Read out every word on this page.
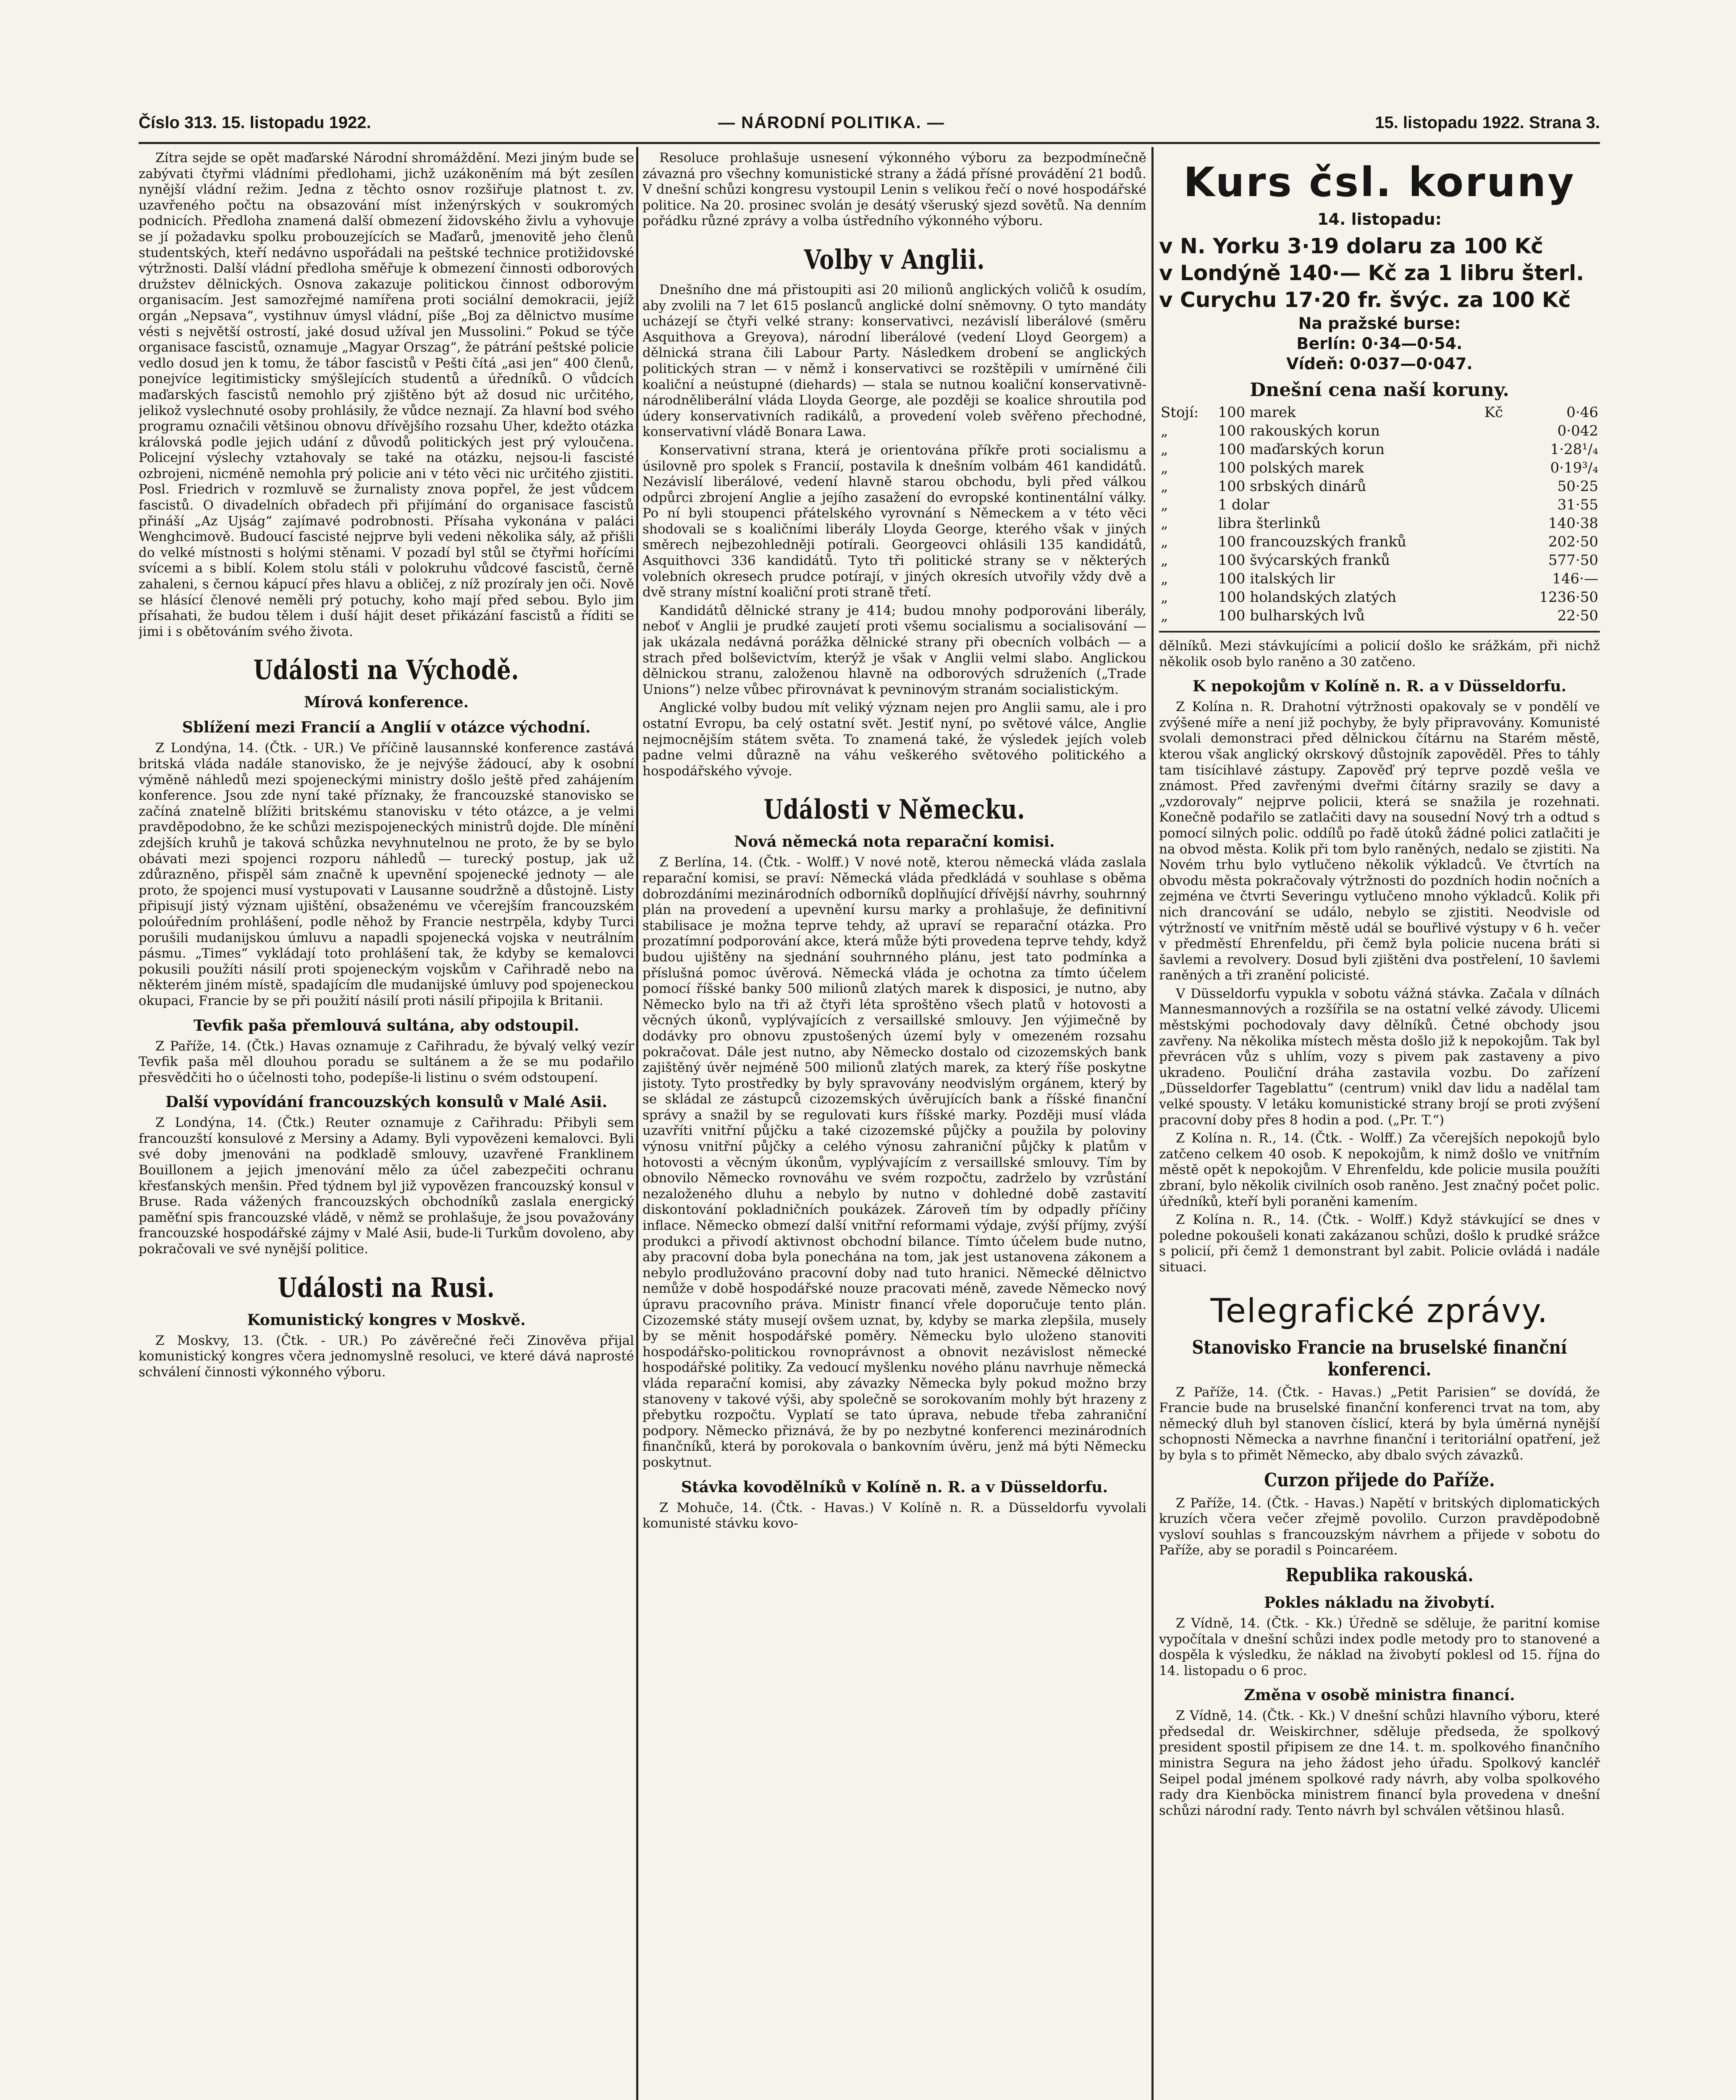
Číslo 313. 15. listopadu 1922.	— NÁRODNÍ POLITIKA. —	15. listopadu 1922. Strana 3.

Zítra sejde se opět maďarské Národní shromáždění. Mezi jiným bude se zabývati čtyřmi vládními předlohami, jichž uzákoněním má být zesílen nynější vládní režim. Jedna z těchto osnov rozšiřuje platnost t. zv. uzavřeného počtu na obsazování míst inženýrských v soukromých podnicích. Předloha znamená další obmezení židovského živlu a vyhovuje se jí požadavku spolku probouzejících se Maďarů, jmenovitě jeho členů studentských, kteří nedávno uspořádali na peštské technice protižidovské výtržnosti. Další vládní předloha směřuje k obmezení činnosti odborových družstev dělnických. Osnova zakazuje politickou činnost odborovým organisacím. Jest samozřejmé namířena proti sociální demokracii, jejíž orgán „Nepsava“, vystihnuv úmysl vládní, píše „Boj za dělnictvo musíme vésti s největší ostrostí, jaké dosud užíval jen Mussolini.“ Pokud se týče organisace fascistů, oznamuje „Magyar Orszag“, že pátrání peštské policie vedlo dosud jen k tomu, že tábor fascistů v Pešti čítá „asi jen“ 400 členů, ponejvíce legitimisticky smýšlejících studentů a úředníků. O vůdcích maďarských fascistů nemohlo prý zjištěno být až dosud nic určitého, jelikož vyslechnuté osoby prohlásily, že vůdce neznají. Za hlavní bod svého programu označili většinou obnovu dřívějšího rozsahu Uher, kdežto otázka královská podle jejich udání z důvodů politických jest prý vyloučena. Policejní výslechy vztahovaly se také na otázku, nejsou-li fascisté ozbrojeni, nicméně nemohla prý policie ani v této věci nic určitého zjistiti. Posl. Friedrich v rozmluvě se žurnalisty znova popřel, že jest vůdcem fascistů. O divadelních obřadech při přijímání do organisace fascistů přináší „Az Ujság“ zajímavé podrobnosti. Přísaha vykonána v paláci Wenghcimově. Budoucí fascisté nejprve byli vedeni několika sály, až přišli do velké místnosti s holými stěnami. V pozadí byl stůl se čtyřmi hořícími svícemi a s biblí. Kolem stolu stáli v polokruhu vůdcové fascistů, černě zahaleni, s černou kápucí přes hlavu a obličej, z níž prozíraly jen oči. Nově se hlásící členové neměli prý potuchy, koho mají před sebou. Bylo jim přísahati, že budou tělem i duší hájit deset přikázání fascistů a říditi se jimi i s obětováním svého života.

Události na Východě.
Mírová konference.
Sblížení mezi Francií a Anglií v otázce východní.

Z Londýna, 14. (Čtk. - UR.) Ve příčině lausannské konference zastává britská vláda nadále stanovisko, že je nejvýše žádoucí, aby k osobní výměně náhledů mezi spojeneckými ministry došlo ještě před zahájením konference. Jsou zde nyní také příznaky, že francouzské stanovisko se začíná znatelně blížiti britskému stanovisku v této otázce, a je velmi pravděpodobno, že ke schůzi mezispojeneckých ministrů dojde. Dle mínění zdejších kruhů je taková schůzka nevyhnutelnou ne proto, že by se bylo obávati mezi spojenci rozporu náhledů — turecký postup, jak už zdůrazněno, přispěl sám značně k upevnění spojenecké jednoty — ale proto, že spojenci musí vystupovati v Lausanne soudržně a důstojně. Listy připisují jistý význam ujištění, obsaženému ve včerejším francouzském poloúředním prohlášení, podle něhož by Francie nestrpěla, kdyby Turci porušili mudanijskou úmluvu a napadli spojenecká vojska v neutrálním pásmu. „Times“ vykládají toto prohlášení tak, že kdyby se kemalovci pokusili použíti násilí proti spojeneckým vojskům v Cařihradě nebo na některém jiném místě, spadajícím dle mudanijské úmluvy pod spojeneckou okupaci, Francie by se při použití násilí proti násilí připojila k Britanii.

Tevfik paša přemlouvá sultána, aby odstoupil.

Z Paříže, 14. (Čtk.) Havas oznamuje z Cařihradu, že bývalý velký vezír Tevfik paša měl dlouhou poradu se sultánem a že se mu podařilo přesvědčiti ho o účelnosti toho, podepíše-li listinu o svém odstoupení.

Další vypovídání francouzských konsulů v Malé Asii.

Z Londýna, 14. (Čtk.) Reuter oznamuje z Cařihradu: Přibyli sem francouzští konsulové z Mersiny a Adamy. Byli vypovězeni kemalovci. Byli své doby jmenováni na podkladě smlouvy, uzavřené Franklinem Bouillonem a jejich jmenování mělo za účel zabezpečiti ochranu křesťanských menšin. Před týdnem byl již vypovězen francouzský konsul v Bruse. Rada vážených francouzských obchodníků zaslala energický paměťní spis francouzské vládě, v němž se prohlašuje, že jsou považovány francouzské hospodářské zájmy v Malé Asii, bude-li Turkům dovoleno, aby pokračovali ve své nynější politice.

Události na Rusi.
Komunistický kongres v Moskvě.

Z Moskvy, 13. (Čtk. - UR.) Po závěrečné řeči Zinověva přijal komunistický kongres včera jednomyslně resoluci, ve které dává naprosté schválení činnosti výkonného výboru.

Resoluce prohlašuje usnesení výkonného výboru za bezpodmínečně závazná pro všechny komunistické strany a žádá přísné provádění 21 bodů. V dnešní schůzi kongresu vystoupil Lenin s velikou řečí o nové hospodářské politice. Na 20. prosinec svolán je desátý všeruský sjezd sovětů. Na denním pořádku různé zprávy a volba ústředního výkonného výboru.

Volby v Anglii.

Dnešního dne má přistoupiti asi 20 milionů anglických voličů k osudím, aby zvolili na 7 let 615 poslanců anglické dolní sněmovny. O tyto mandáty ucházejí se čtyři velké strany: konservativci, nezávislí liberálové (směru Asquithova a Greyova), národní liberálové (vedení Lloyd Georgem) a dělnická strana čili Labour Party. Následkem drobení se anglických politických stran — v němž i konservativci se rozštěpili v umírněné čili koaliční a neústupné (diehards) — stala se nutnou koaliční konservativně-národněliberální vláda Lloyda George, ale později se koalice shroutila pod údery konservativních radikálů, a provedení voleb svěřeno přechodné, konservativní vládě Bonara Lawa.

Konservativní strana, která je orientována příkře proti socialismu a úsilovně pro spolek s Francií, postavila k dnešním volbám 461 kandidátů. Nezávislí liberálové, vedení hlavně starou obchodu, byli před válkou odpůrci zbrojení Anglie a jejího zasažení do evropské kontinentální války. Po ní byli stoupenci přátelského vyrovnání s Německem a v této věci shodovali se s koaličními liberály Lloyda George, kterého však v jiných směrech nejbezohledněji potírali. Georgeovci ohlásili 135 kandidátů, Asquithovci 336 kandidátů. Tyto tři politické strany se v některých volebních okresech prudce potírají, v jiných okresích utvořily vždy dvě a dvě strany místní koaliční proti straně třetí.

Kandidátů dělnické strany je 414; budou mnohy podporováni liberály, neboť v Anglii je prudké zaujetí proti všemu socialismu a socialisování — jak ukázala nedávná porážka dělnické strany při obecních volbách — a strach před bolševictvím, kterýž je však v Anglii velmi slabo. Anglickou dělnickou stranu, založenou hlavně na odborových sdruženích („Trade Unions“) nelze vůbec přirovnávat k pevninovým stranám socialistickým.

Anglické volby budou mít veliký význam nejen pro Anglii samu, ale i pro ostatní Evropu, ba celý ostatní svět. Jestiť nyní, po světové válce, Anglie nejmocnějším státem světa. To znamená také, že výsledek jejích voleb padne velmi důrazně na váhu veškerého světového politického a hospodářského vývoje.

Události v Německu.
Nová německá nota reparační komisi.

Z Berlína, 14. (Čtk. - Wolff.) V nové notě, kterou německá vláda zaslala reparační komisi, se praví: Německá vláda předkládá v souhlase s oběma dobrozdáními mezinárodních odborníků doplňující dřívější návrhy, souhrnný plán na provedení a upevnění kursu marky a prohlašuje, že definitivní stabilisace je možna teprve tehdy, až upraví se reparační otázka. Pro prozatímní podporování akce, která může býti provedena teprve tehdy, když budou ujištěny na sjednání souhrnného plánu, jest tato podmínka a příslušná pomoc úvěrová. Německá vláda je ochotna za tímto účelem pomocí říšské banky 500 milionů zlatých marek k disposici, je nutno, aby Německo bylo na tři až čtyři léta sproštěno všech platů v hotovosti a věcných úkonů, vyplývajících z versaillské smlouvy. Jen výjimečně by dodávky pro obnovu zpustošených území byly v omezeném rozsahu pokračovat. Dále jest nutno, aby Německo dostalo od cizozemských bank zajištěný úvěr nejméně 500 milionů zlatých marek, za který říše poskytne jistoty. Tyto prostředky by byly spravovány neodvislým orgánem, který by se skládal ze zástupců cizozemských úvěrujících bank a říšské finanční správy a snažil by se regulovati kurs říšské marky. Později musí vláda uzavříti vnitřní půjčku a také cizozemské půjčky a použila by poloviny výnosu vnitřní půjčky a celého výnosu zahraniční půjčky k platům v hotovosti a věcným úkonům, vyplývajícím z versaillské smlouvy. Tím by obnovilo Německo rovnováhu ve svém rozpočtu, zadrželo by vzrůstání nezaloženého dluhu a nebylo by nutno v dohledné době zastavití diskontování pokladničních poukázek. Zároveň tím by odpadly příčiny inflace. Německo obmezí další vnitřní reformami výdaje, zvýší příjmy, zvýší produkci a přivodí aktivnost obchodní bilance. Tímto účelem bude nutno, aby pracovní doba byla ponechána na tom, jak jest ustanovena zákonem a nebylo prodlužováno pracovní doby nad tuto hranici. Německé dělnictvo nemůže v době hospodářské nouze pracovati méně, zavede Německo nový úpravu pracovního práva. Ministr financí vřele doporučuje tento plán. Cizozemské státy musejí ovšem uznat, by, kdyby se marka zlepšila, musely by se měnit hospodářské poměry. Německu bylo uloženo stanoviti hospodářsko-politickou rovnoprávnost a obnovit nezávislost německé hospodářské politiky. Za vedoucí myšlenku nového plánu navrhuje německá vláda reparační komisi, aby závazky Německa byly pokud možno brzy stanoveny v takové výši, aby společně se sorokovaním mohly být hrazeny z přebytku rozpočtu. Vyplatí se tato úprava, nebude třeba zahraniční podpory. Německo přiznává, že by po nezbytné konferenci mezinárodních finančníků, která by porokovala o bankovním úvěru, jenž má býti Německu poskytnut.

Stávka kovodělníků v Kolíně n. R. a v Düsseldorfu.

Z Mohuče, 14. (Čtk. - Havas.) V Kolíně n. R. a Düsseldorfu vyvolali komunisté stávku kovo-

Kurs čsl. koruny
14. listopadu:
v N. Yorku 3·19 dolaru za 100 Kč
v Londýně 140·— Kč za 1 libru šterl.
v Curychu 17·20 fr. švýc. za 100 Kč
Na pražské burse:
Berlín: 0·34—0·54.
Vídeň: 0·037—0·047.
Dnešní cena naší koruny.
Stojí:	100 marek	Kč	0·46
„	100 rakouských korun		0·042
„	100 maďarských korun		1·28¹/₄
„	100 polských marek		0·19³/₄
„	100 srbských dinárů		50·25
„	1 dolar		31·55
„	libra šterlinků		140·38
„	100 francouzských franků		202·50
„	100 švýcarských franků		577·50
„	100 italských lir		146·—
„	100 holandských zlatých		1236·50
„	100 bulharských lvů		22·50

dělníků. Mezi stávkujícími a policií došlo ke srážkám, při nichž několik osob bylo raněno a 30 zatčeno.

K nepokojům v Kolíně n. R. a v Düsseldorfu.

Z Kolína n. R. Drahotní výtržnosti opakovaly se v pondělí ve zvýšené míře a není již pochyby, že byly připravovány. Komunisté svolali demonstraci před dělnickou čítárnu na Starém městě, kterou však anglický okrskový důstojník zapověděl. Přes to táhly tam tisícihlavé zástupy. Zapověď prý teprve pozdě vešla ve známost. Před zavřenými dveřmi čítárny srazily se davy a „vzdorovaly“ nejprve policii, která se snažila je rozehnati. Konečně podařilo se zatlačiti davy na sousední Nový trh a odtud s pomocí silných polic. oddílů po řadě útoků žádné polici zatlačiti je na obvod města. Kolik při tom bylo raněných, nedalo se zjistiti. Na Novém trhu bylo vytlučeno několik výkladců. Ve čtvrtích na obvodu města pokračovaly výtržnosti do pozdních hodin nočních a zejména ve čtvrti Severingu vytlučeno mnoho výkladců. Kolik při nich drancování se událo, nebylo se zjistiti. Neodvisle od výtržností ve vnitřním městě udál se bouřlivé výstupy v 6 h. večer v předměstí Ehrenfeldu, při čemž byla policie nucena bráti si šavlemi a revolvery. Dosud byli zjištěni dva postřelení, 10 šavlemi raněných a tři zranění policisté.

V Düsseldorfu vypukla v sobotu vážná stávka. Začala v dílnách Mannesmannových a rozšířila se na ostatní velké závody. Ulicemi městskými pochodovaly davy dělníků. Četné obchody jsou zavřeny. Na několika místech města došlo již k nepokojům. Tak byl převrácen vůz s uhlím, vozy s pivem pak zastaveny a pivo ukradeno. Pouliční dráha zastavila vozbu. Do zařízení „Düsseldorfer Tageblattu“ (centrum) vnikl dav lidu a nadělal tam velké spousty. V letáku komunistické strany brojí se proti zvýšení pracovní doby přes 8 hodin a pod. („Pr. T.“)

Z Kolína n. R., 14. (Čtk. - Wolff.) Za včerejších nepokojů bylo zatčeno celkem 40 osob. K nepokojům, k nimž došlo ve vnitřním městě opět k nepokojům. V Ehrenfeldu, kde policie musila použíti zbraní, bylo několik civilních osob raněno. Jest značný počet polic. úředníků, kteří byli poraněni kamením.

Z Kolína n. R., 14. (Čtk. - Wolff.) Když stávkující se dnes v poledne pokoušeli konati zakázanou schůzi, došlo k prudké srážce s policií, při čemž 1 demonstrant byl zabit. Policie ovládá i nadále situaci.

Telegrafické zprávy.
Stanovisko Francie na bruselské finanční konferenci.

Z Paříže, 14. (Čtk. - Havas.) „Petit Parisien“ se dovídá, že Francie bude na bruselské finanční konferenci trvat na tom, aby německý dluh byl stanoven číslicí, která by byla úměrná nynější schopnosti Německa a navrhne finanční i teritoriální opatření, jež by byla s to přimět Německo, aby dbalo svých závazků.

Curzon přijede do Paříže.

Z Paříže, 14. (Čtk. - Havas.) Napětí v britských diplomatických kruzích včera večer zřejmě povolilo. Curzon pravděpodobně vysloví souhlas s francouzským návrhem a přijede v sobotu do Paříže, aby se poradil s Poincaréem.

Republika rakouská.
Pokles nákladu na živobytí.

Z Vídně, 14. (Čtk. - Kk.) Úředně se sděluje, že paritní komise vypočítala v dnešní schůzi index podle metody pro to stanovené a dospěla k výsledku, že náklad na živobytí poklesl od 15. října do 14. listopadu o 6 proc.

Změna v osobě ministra financí.

Z Vídně, 14. (Čtk. - Kk.) V dnešní schůzi hlavního výboru, které předsedal dr. Weiskirchner, sděluje předseda, že spolkový president spostil připisem ze dne 14. t. m. spolkového finančního ministra Segura na jeho žádost jeho úřadu. Spolkový kancléř Seipel podal jménem spolkové rady návrh, aby volba spolkového rady dra Kienböcka ministrem financí byla provedena v dnešní schůzi národní rady. Tento návrh byl schválen většinou hlasů.
